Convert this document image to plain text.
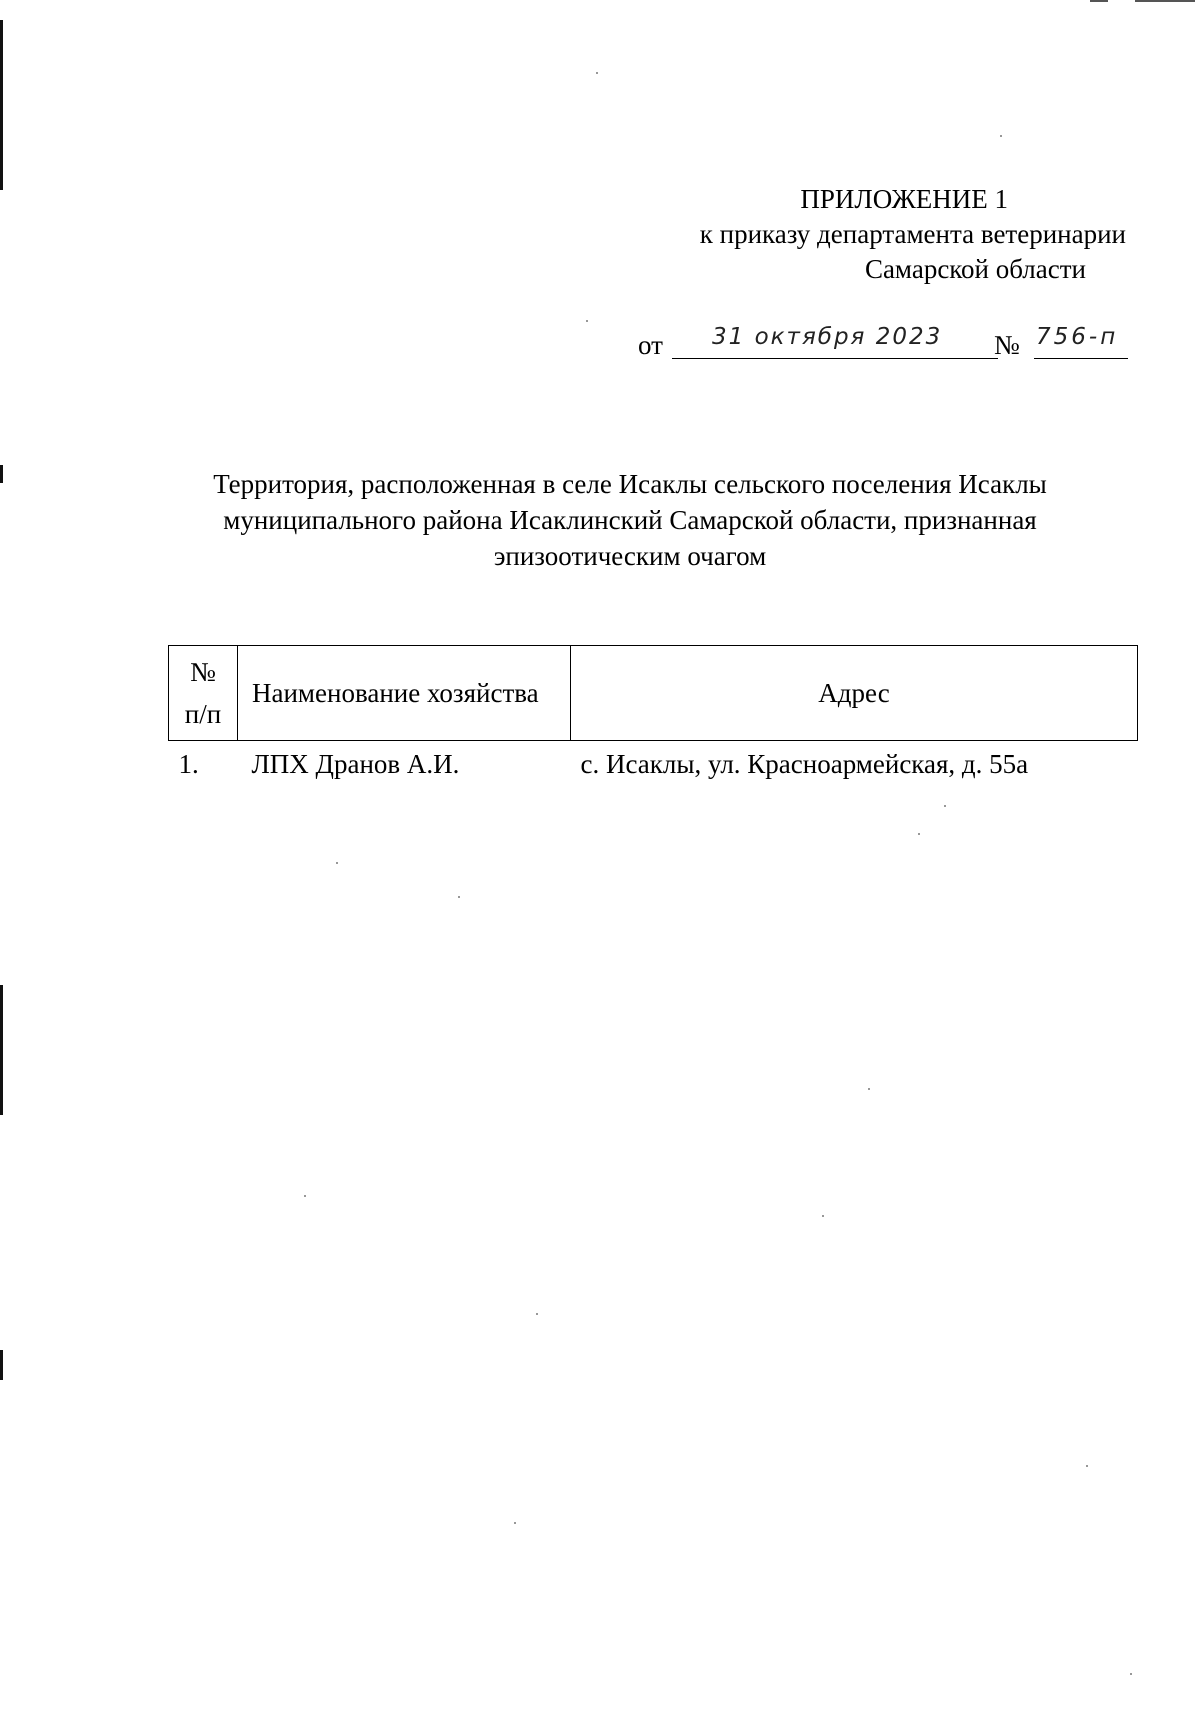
ПРИЛОЖЕНИЕ 1
к приказу департамента ветеринарии
Самарской области
от 31 октября 2023 № 756-п
Территория, расположенная в селе Исаклы сельского поселения Исаклы
муниципального района Исаклинский Самарской области, признанная
эпизоотическим очагом
№
п/п	Наименование хозяйства	Адрес
1.	ЛПХ Дранов А.И.	с. Исаклы, ул. Красноармейская, д. 55а
